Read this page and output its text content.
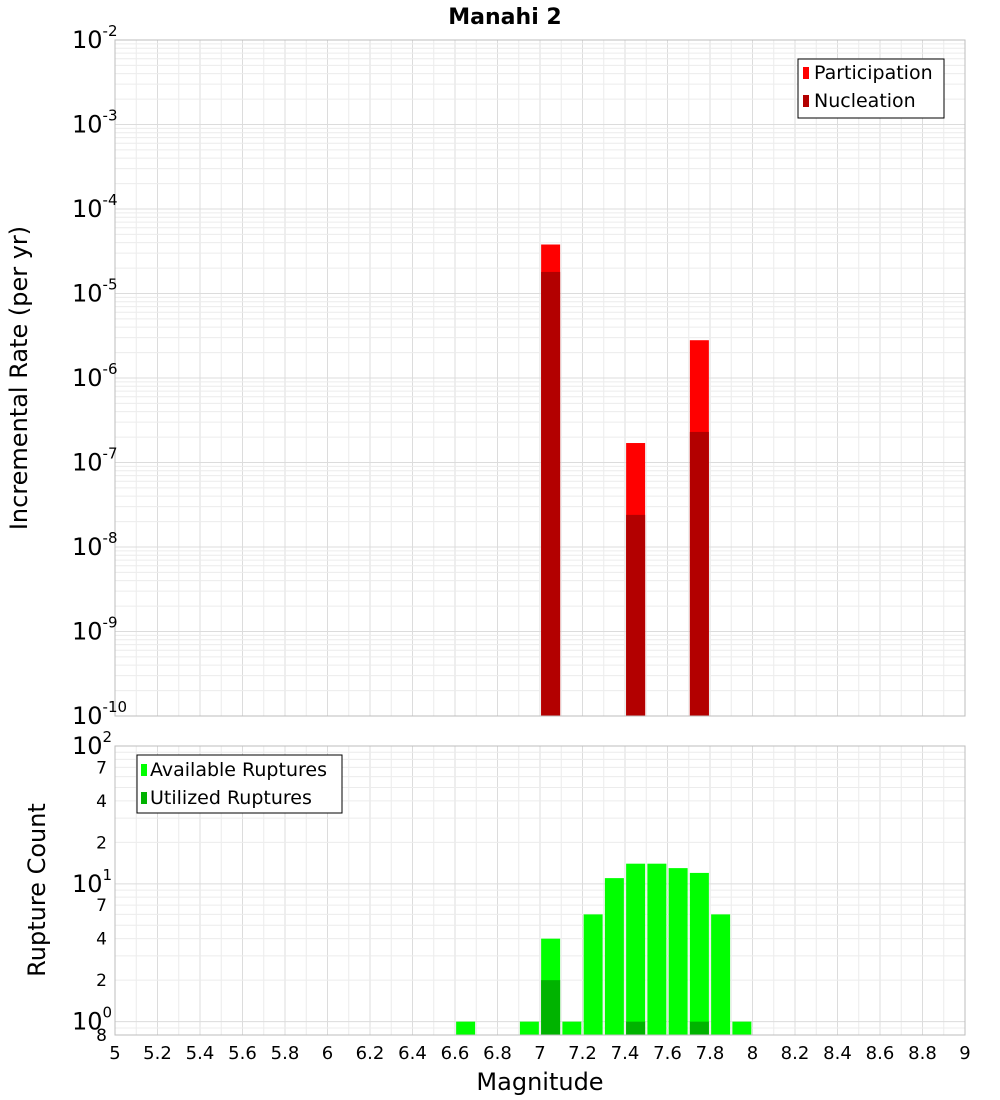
Manahi 2
$10^{-2}$
$10^{-3}$
$10^{-4}$
$10^{-5}$
$10^{-6}$
$10^{-7}$
$10^{-8}$
$10^{-9}$
$10^{-10}$
Incremental Rate (per yr)
Participation
Nucleation
$10^2$
7
4
2
$10^1$
7
4
2
$10^0$
8
5 5.2 5.4 5.6 5.8 6 6.2 6.4 6.6 6.8 7 7.2 7.4 7.6 7.8 8 8.2 8.4 8.6 8.8 9
Rupture Count
Magnitude
Available Ruptures
Utilized Ruptures
